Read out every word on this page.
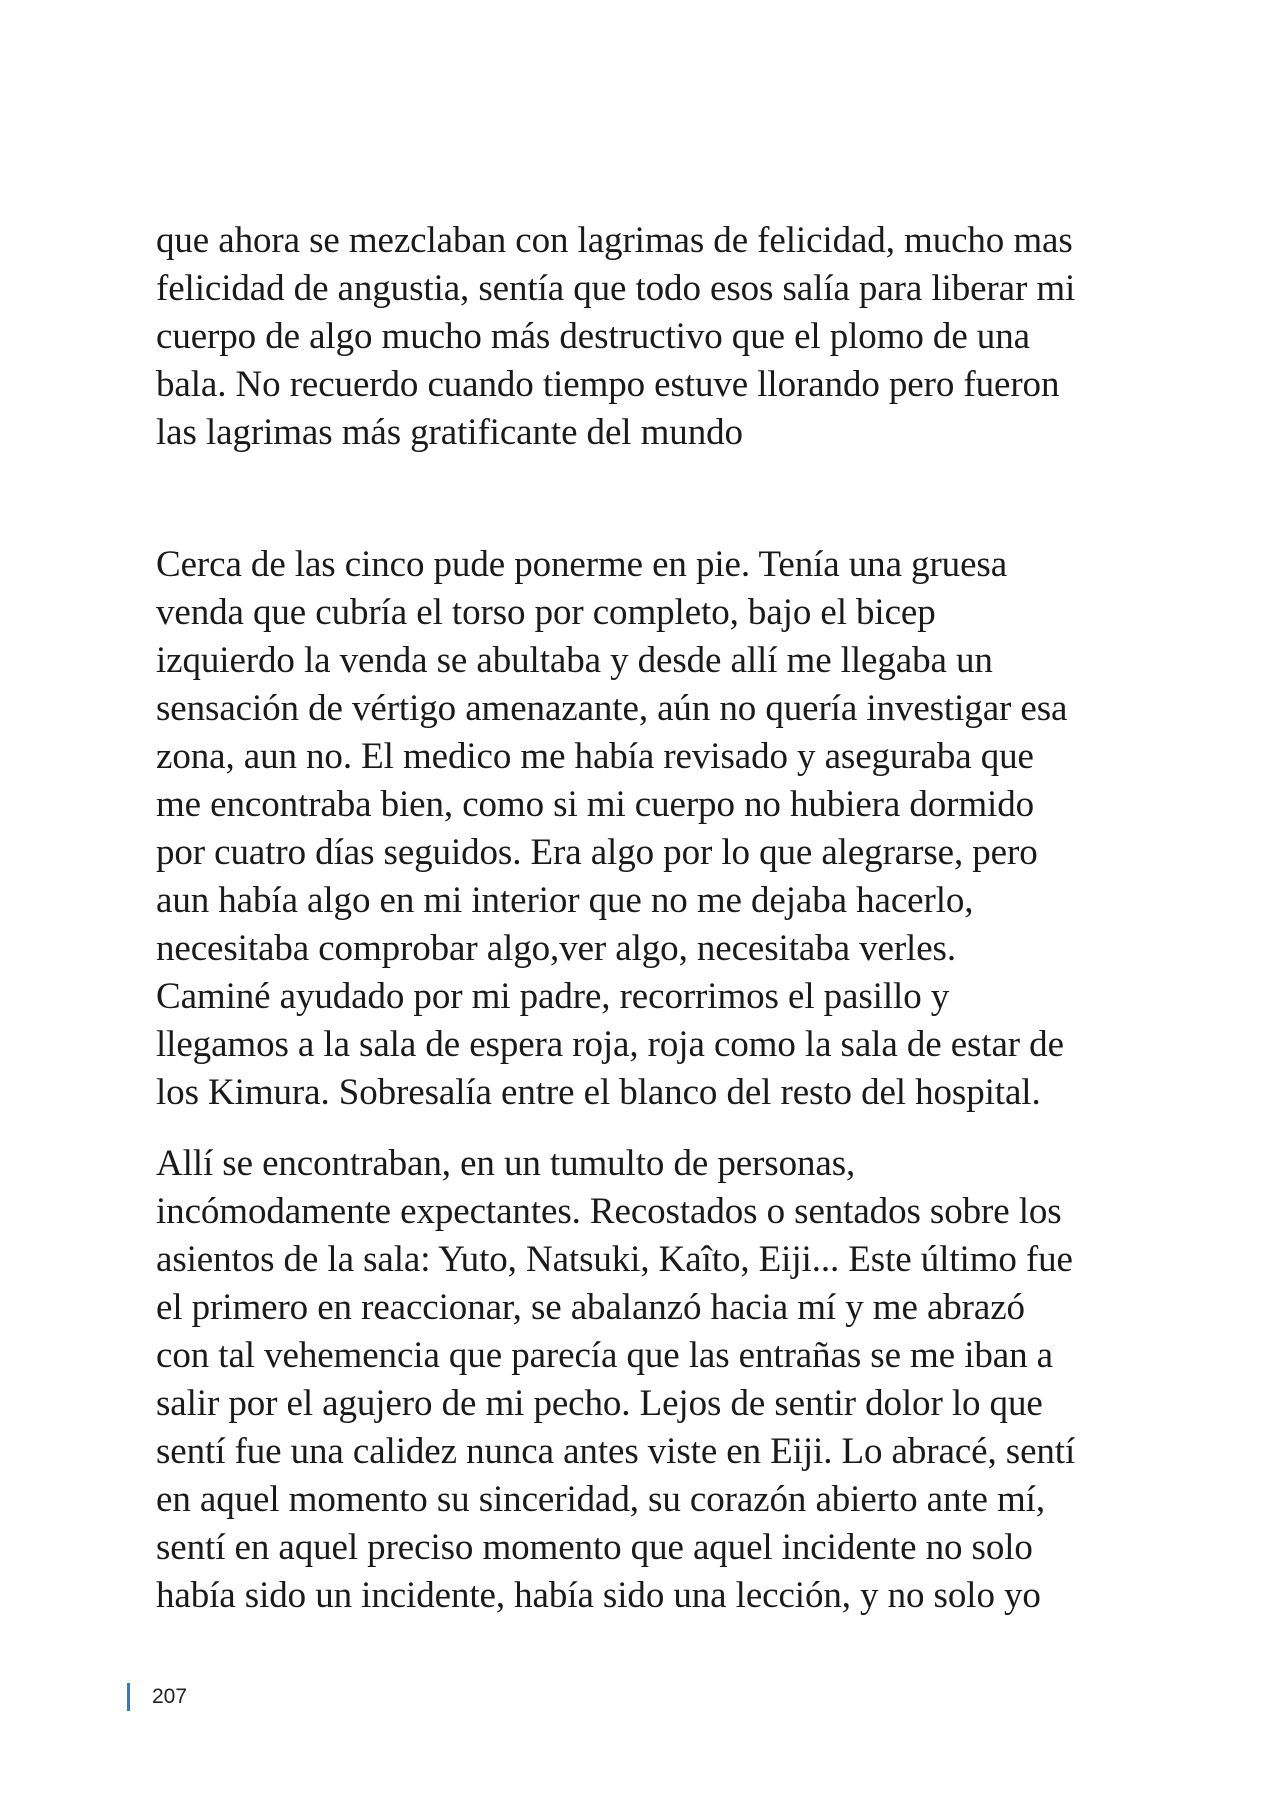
que ahora se mezclaban con lagrimas de felicidad, mucho mas
felicidad de angustia, sentía que todo esos salía para liberar mi
cuerpo de algo mucho más destructivo que el plomo de una
bala. No recuerdo cuando tiempo estuve llorando pero fueron
las lagrimas más gratificante del mundo
Cerca de las cinco pude ponerme en pie. Tenía una gruesa
venda que cubría el torso por completo, bajo el bicep
izquierdo la venda se abultaba y desde allí me llegaba un
sensación de vértigo amenazante, aún no quería investigar esa
zona, aun no. El medico me había revisado y aseguraba que
me encontraba bien, como si mi cuerpo no hubiera dormido
por cuatro días seguidos. Era algo por lo que alegrarse, pero
aun había algo en mi interior que no me dejaba hacerlo,
necesitaba comprobar algo,ver algo, necesitaba verles.
Caminé ayudado por mi padre, recorrimos el pasillo y
llegamos a la sala de espera roja, roja como la sala de estar de
los Kimura. Sobresalía entre el blanco del resto del hospital.
Allí se encontraban, en un tumulto de personas,
incómodamente expectantes. Recostados o sentados sobre los
asientos de la sala: Yuto, Natsuki, Kaîto, Eiji... Este último fue
el primero en reaccionar, se abalanzó hacia mí y me abrazó
con tal vehemencia que parecía que las entrañas se me iban a
salir por el agujero de mi pecho. Lejos de sentir dolor lo que
sentí fue una calidez nunca antes viste en Eiji. Lo abracé, sentí
en aquel momento su sinceridad, su corazón abierto ante mí,
sentí en aquel preciso momento que aquel incidente no solo
había sido un incidente, había sido una lección, y no solo yo
207
